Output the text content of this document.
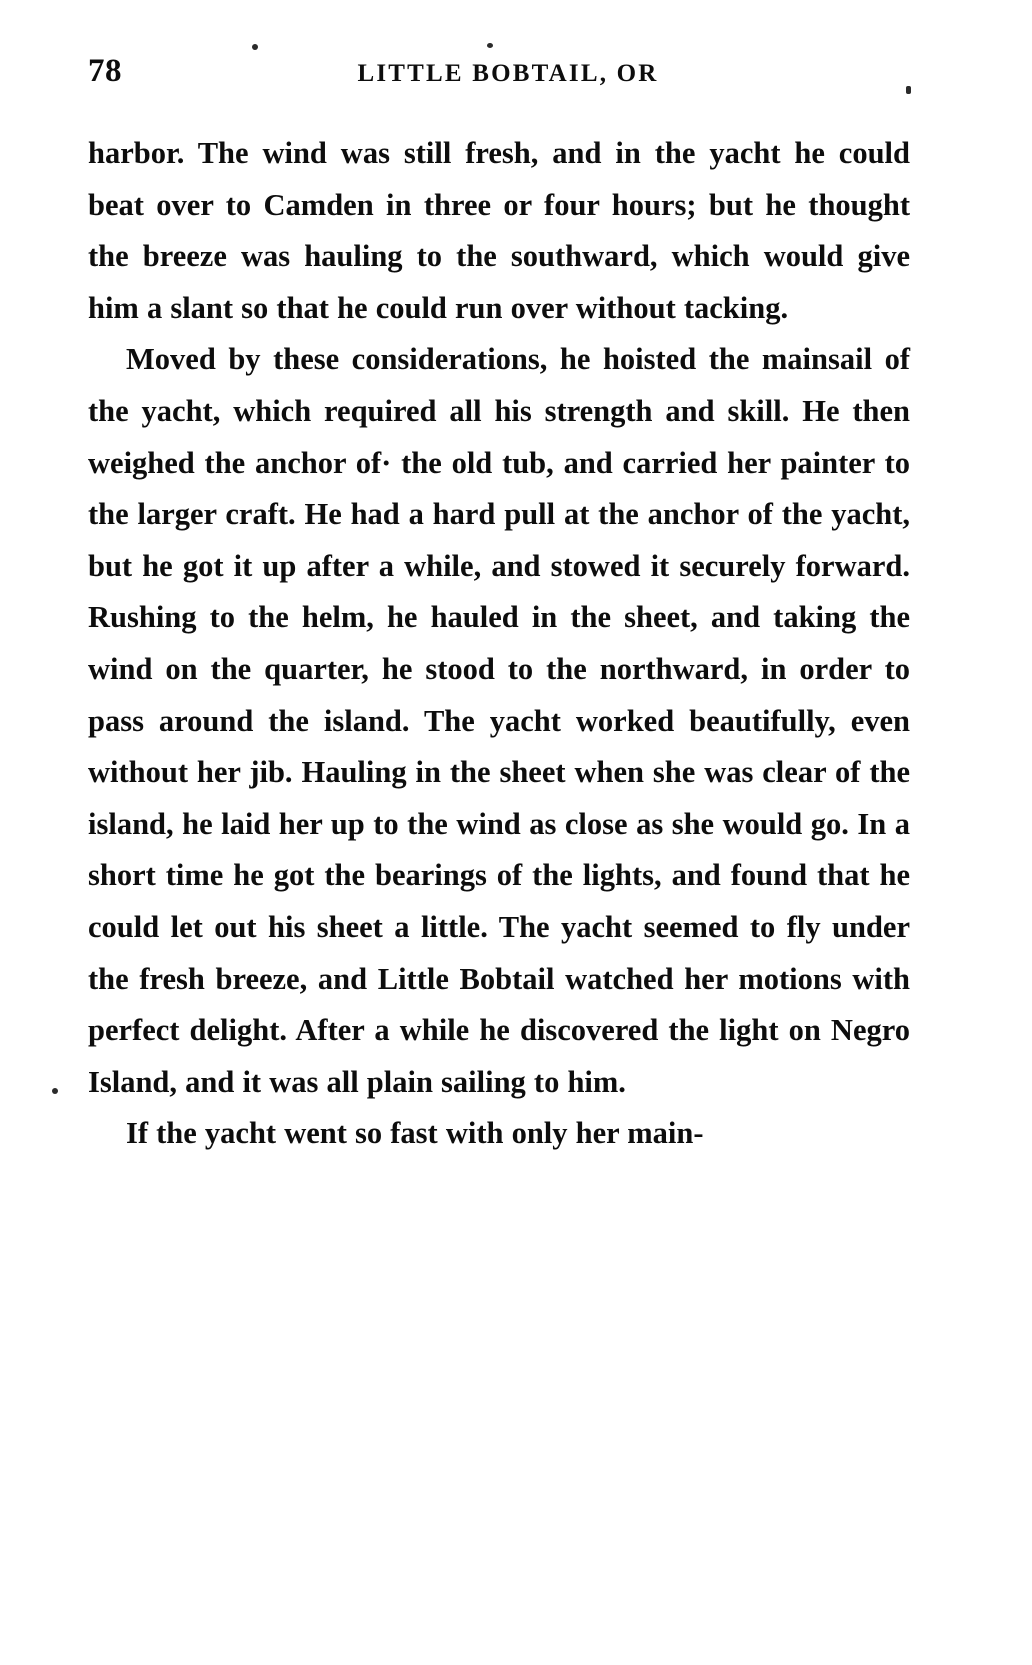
78	LITTLE BOBTAIL, OR

harbor. The wind was still fresh, and in the yacht he could beat over to Camden in three or four hours; but he thought the breeze was hauling to the southward, which would give him a slant so that he could run over without tacking.

Moved by these considerations, he hoisted the mainsail of the yacht, which required all his strength and skill. He then weighed the anchor of· the old tub, and carried her painter to the larger craft. He had a hard pull at the anchor of the yacht, but he got it up after a while, and stowed it securely forward. Rushing to the helm, he hauled in the sheet, and taking the wind on the quarter, he stood to the northward, in order to pass around the island. The yacht worked beautifully, even without her jib. Hauling in the sheet when she was clear of the island, he laid her up to the wind as close as she would go. In a short time he got the bearings of the lights, and found that he could let out his sheet a little. The yacht seemed to fly under the fresh breeze, and Little Bobtail watched her motions with perfect delight. After a while he discovered the light on Negro Island, and it was all plain sailing to him.

If the yacht went so fast with only her main-
